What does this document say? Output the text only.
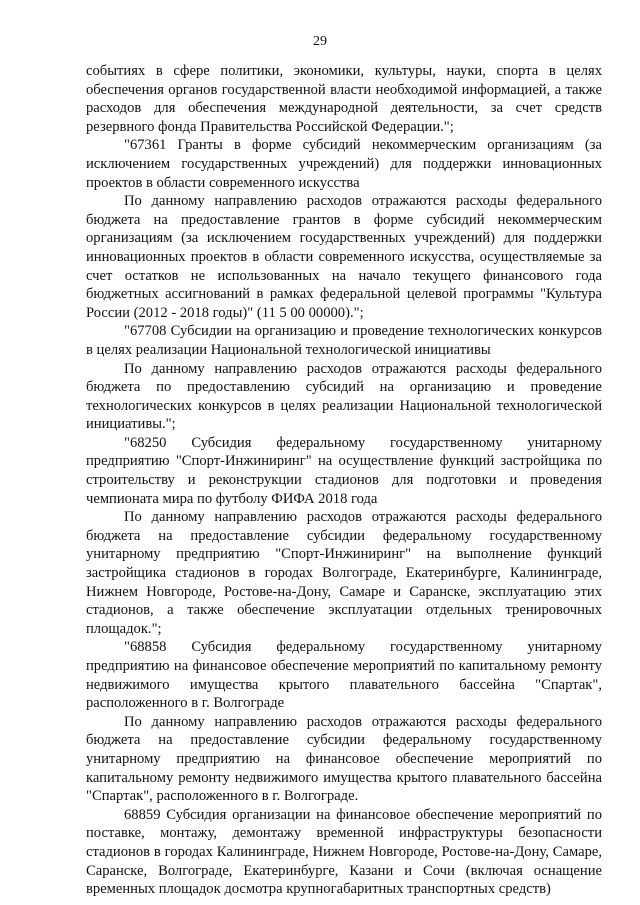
29

событиях в сфере политики, экономики, культуры, науки, спорта в целях обеспечения органов государственной власти необходимой информацией, а также расходов для обеспечения международной деятельности, за счет средств резервного фонда Правительства Российской Федерации.";

"67361 Гранты в форме субсидий некоммерческим организациям (за исключением государственных учреждений) для поддержки инновационных проектов в области современного искусства

По данному направлению расходов отражаются расходы федерального бюджета на предоставление грантов в форме субсидий некоммерческим организациям (за исключением государственных учреждений) для поддержки инновационных проектов в области современного искусства, осуществляемые за счет остатков не использованных на начало текущего финансового года бюджетных ассигнований в рамках федеральной целевой программы "Культура России (2012 - 2018 годы)" (11 5 00 00000).";

"67708 Субсидии на организацию и проведение технологических конкурсов в целях реализации Национальной технологической инициативы

По данному направлению расходов отражаются расходы федерального бюджета по предоставлению субсидий на организацию и проведение технологических конкурсов в целях реализации Национальной технологической инициативы.";

"68250 Субсидия федеральному государственному унитарному предприятию "Спорт-Инжиниринг" на осуществление функций застройщика по строительству и реконструкции стадионов для подготовки и проведения чемпионата мира по футболу ФИФА 2018 года

По данному направлению расходов отражаются расходы федерального бюджета на предоставление субсидии федеральному государственному унитарному предприятию "Спорт-Инжиниринг" на выполнение функций застройщика стадионов в городах Волгограде, Екатеринбурге, Калининграде, Нижнем Новгороде, Ростове-на-Дону, Самаре и Саранске, эксплуатацию этих стадионов, а также обеспечение эксплуатации отдельных тренировочных площадок.";

"68858 Субсидия федеральному государственному унитарному предприятию на финансовое обеспечение мероприятий по капитальному ремонту недвижимого имущества крытого плавательного бассейна "Спартак", расположенного в г. Волгограде

По данному направлению расходов отражаются расходы федерального бюджета на предоставление субсидии федеральному государственному унитарному предприятию на финансовое обеспечение мероприятий по капитальному ремонту недвижимого имущества крытого плавательного бассейна "Спартак", расположенного в г. Волгограде.

68859 Субсидия организации на финансовое обеспечение мероприятий по поставке, монтажу, демонтажу временной инфраструктуры безопасности стадионов в городах Калининграде, Нижнем Новгороде, Ростове-на-Дону, Самаре, Саранске, Волгограде, Екатеринбурге, Казани и Сочи (включая оснащение временных площадок досмотра крупногабаритных транспортных средств)
